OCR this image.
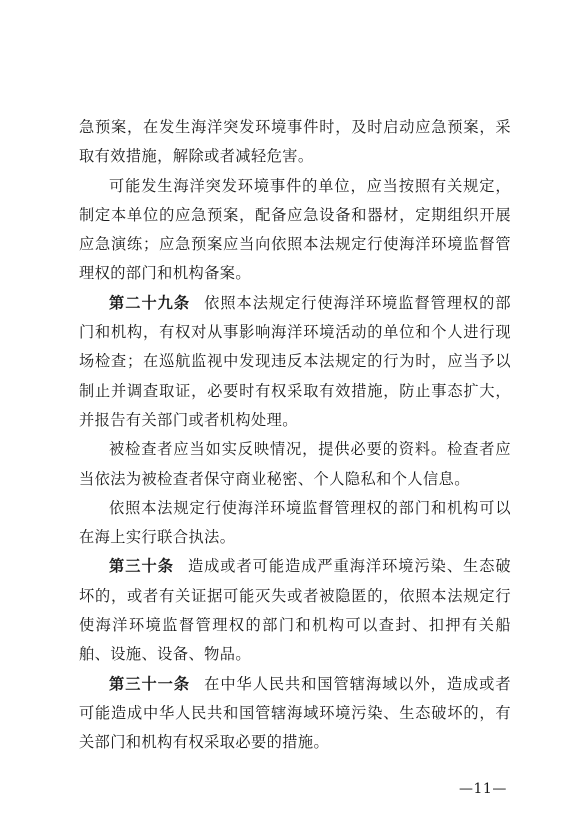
急预案，在发生海洋突发环境事件时，及时启动应急预案，采取有效措施，解除或者减轻危害。

可能发生海洋突发环境事件的单位，应当按照有关规定，制定本单位的应急预案，配备应急设备和器材，定期组织开展应急演练；应急预案应当向依照本法规定行使海洋环境监督管理权的部门和机构备案。

第二十九条 依照本法规定行使海洋环境监督管理权的部门和机构，有权对从事影响海洋环境活动的单位和个人进行现场检查；在巡航监视中发现违反本法规定的行为时，应当予以制止并调查取证，必要时有权采取有效措施，防止事态扩大，并报告有关部门或者机构处理。

被检查者应当如实反映情况，提供必要的资料。检查者应当依法为被检查者保守商业秘密、个人隐私和个人信息。

依照本法规定行使海洋环境监督管理权的部门和机构可以在海上实行联合执法。

第三十条 造成或者可能造成严重海洋环境污染、生态破坏的，或者有关证据可能灭失或者被隐匿的，依照本法规定行使海洋环境监督管理权的部门和机构可以查封、扣押有关船舶、设施、设备、物品。

第三十一条 在中华人民共和国管辖海域以外，造成或者可能造成中华人民共和国管辖海域环境污染、生态破坏的，有关部门和机构有权采取必要的措施。

—11—
